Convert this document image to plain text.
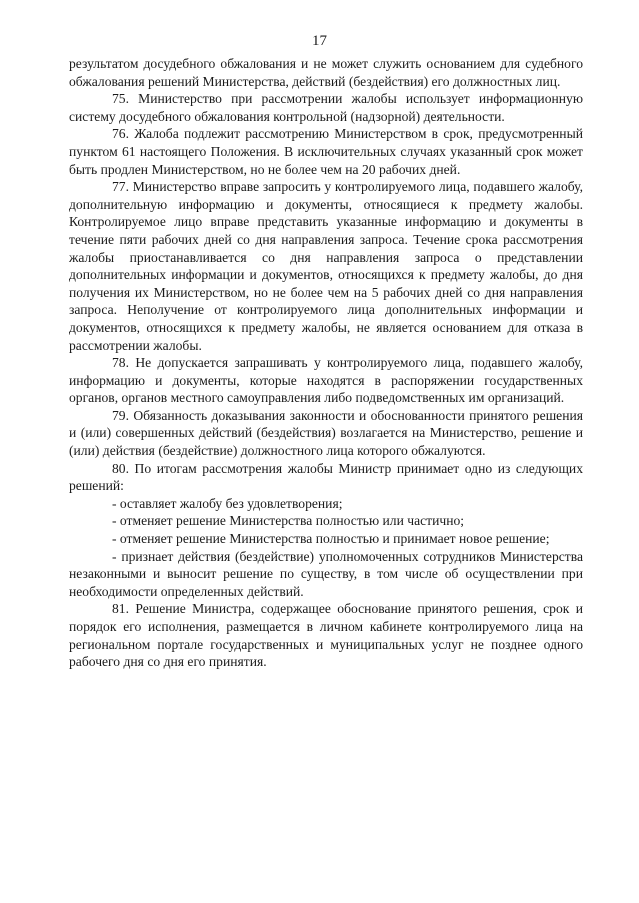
17

результатом досудебного обжалования и не может служить основанием для судебного обжалования решений Министерства, действий (бездействия) его должностных лиц.

75. Министерство при рассмотрении жалобы использует информационную систему досудебного обжалования контрольной (надзорной) деятельности.

76. Жалоба подлежит рассмотрению Министерством в срок, предусмотренный пунктом 61 настоящего Положения. В исключительных случаях указанный срок может быть продлен Министерством, но не более чем на 20 рабочих дней.

77. Министерство вправе запросить у контролируемого лица, подавшего жалобу, дополнительную информацию и документы, относящиеся к предмету жалобы. Контролируемое лицо вправе представить указанные информацию и документы в течение пяти рабочих дней со дня направления запроса. Течение срока рассмотрения жалобы приостанавливается со дня направления запроса о представлении дополнительных информации и документов, относящихся к предмету жалобы, до дня получения их Министерством, но не более чем на 5 рабочих дней со дня направления запроса. Неполучение от контролируемого лица дополнительных информации и документов, относящихся к предмету жалобы, не является основанием для отказа в рассмотрении жалобы.

78. Не допускается запрашивать у контролируемого лица, подавшего жалобу, информацию и документы, которые находятся в распоряжении государственных органов, органов местного самоуправления либо подведомственных им организаций.

79. Обязанность доказывания законности и обоснованности принятого решения и (или) совершенных действий (бездействия) возлагается на Министерство, решение и (или) действия (бездействие) должностного лица которого обжалуются.

80. По итогам рассмотрения жалобы Министр принимает одно из следующих решений:

- оставляет жалобу без удовлетворения;

- отменяет решение Министерства полностью или частично;

- отменяет решение Министерства полностью и принимает новое решение;

- признает действия (бездействие) уполномоченных сотрудников Министерства незаконными и выносит решение по существу, в том числе об осуществлении при необходимости определенных действий.

81. Решение Министра, содержащее обоснование принятого решения, срок и порядок его исполнения, размещается в личном кабинете контролируемого лица на региональном портале государственных и муниципальных услуг не позднее одного рабочего дня со дня его принятия.
